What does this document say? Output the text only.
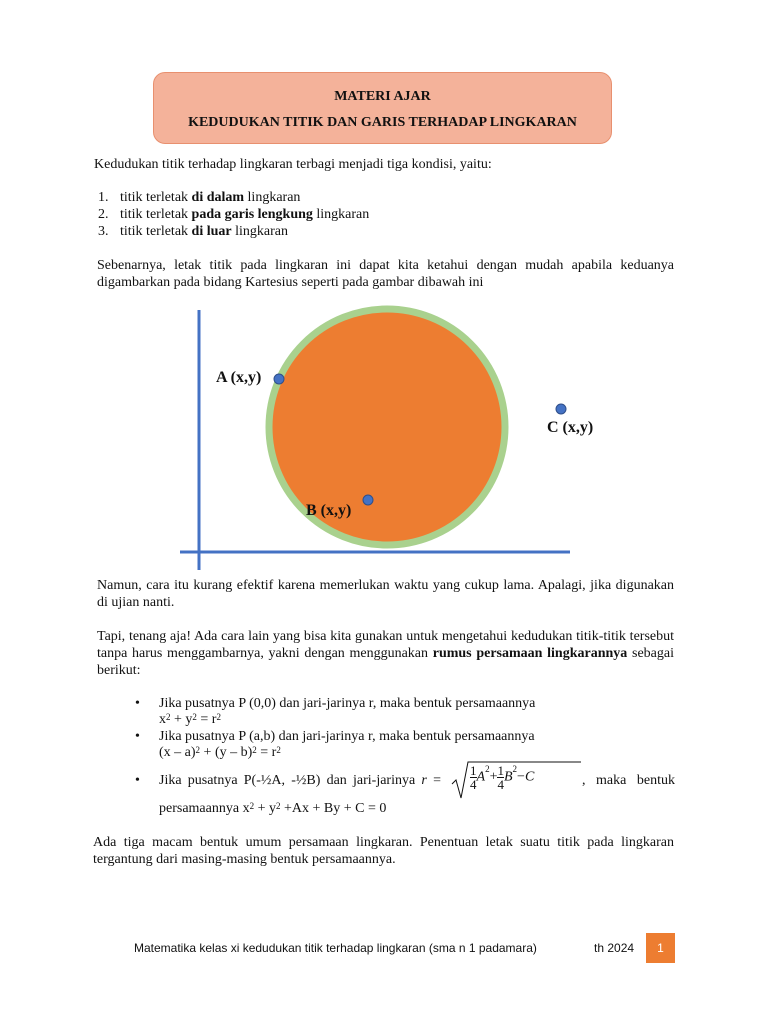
MATERI AJAR
KEDUDUKAN TITIK DAN GARIS TERHADAP LINGKARAN
Kedudukan titik terhadap lingkaran terbagi menjadi tiga kondisi, yaitu:
1. titik terletak di dalam lingkaran
2. titik terletak pada garis lengkung lingkaran
3. titik terletak di luar lingkaran
Sebenarnya, letak titik pada lingkaran ini dapat kita ketahui dengan mudah apabila keduanya digambarkan pada bidang Kartesius seperti pada gambar dibawah ini
A (x,y)
B (x,y)
C (x,y)
Namun, cara itu kurang efektif karena memerlukan waktu yang cukup lama. Apalagi, jika digunakan di ujian nanti.
Tapi, tenang aja! Ada cara lain yang bisa kita gunakan untuk mengetahui kedudukan titik-titik tersebut tanpa harus menggambarnya, yakni dengan menggunakan rumus persamaan lingkarannya sebagai berikut:
• Jika pusatnya P (0,0) dan jari-jarinya r, maka bentuk persamaannya
$x^2 + y^2 = r^2$
• Jika pusatnya P (a,b) dan jari-jarinya r, maka bentuk persamaannya
$(x - a)^2 + (y - b)^2 = r^2$
• Jika pusatnya P(-½A, -½B) dan jari-jarinya $r = \frac{1}{4} A^2+ \frac{1}{4} B^2-C$	, maka bentuk
persamaannya $x^2 + y^2 +Ax + By + C = 0$
Ada tiga macam bentuk umum persamaan lingkaran. Penentuan letak suatu titik pada lingkaran tergantung dari masing-masing bentuk persamaannya.
Matematika kelas xi kedudukan titik terhadap lingkaran (sma n 1 padamara)	th 2024	1
